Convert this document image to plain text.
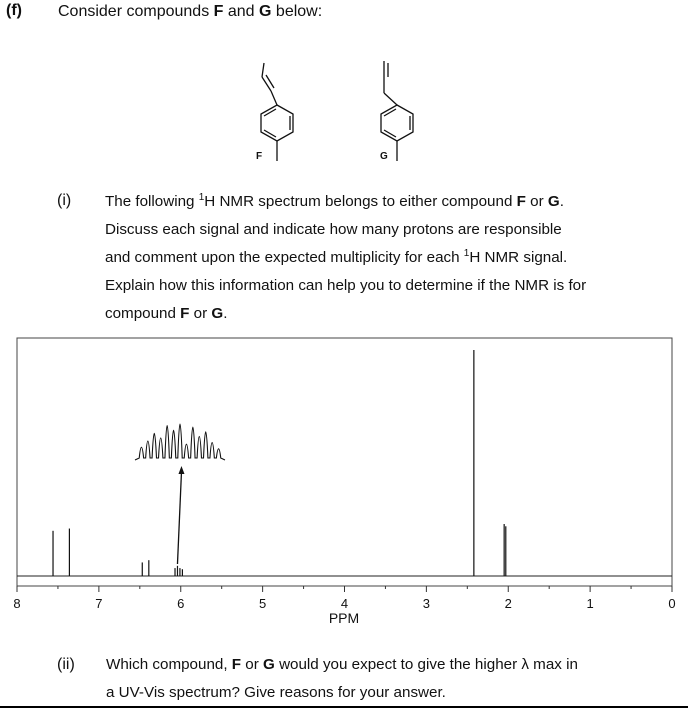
(f) Consider compounds F and G below:
F	G
(i) The following $^1$H NMR spectrum belongs to either compound F or G.
Discuss each signal and indicate how many protons are responsible
and comment upon the expected multiplicity for each $^1$H NMR signal.
Explain how this information can help you to determine if the NMR is for
compound F or G.
8	7	6	5	4	3	2	1	0
PPM
(ii) Which compound, F or G would you expect to give the higher λ max in
a UV-Vis spectrum? Give reasons for your answer.
